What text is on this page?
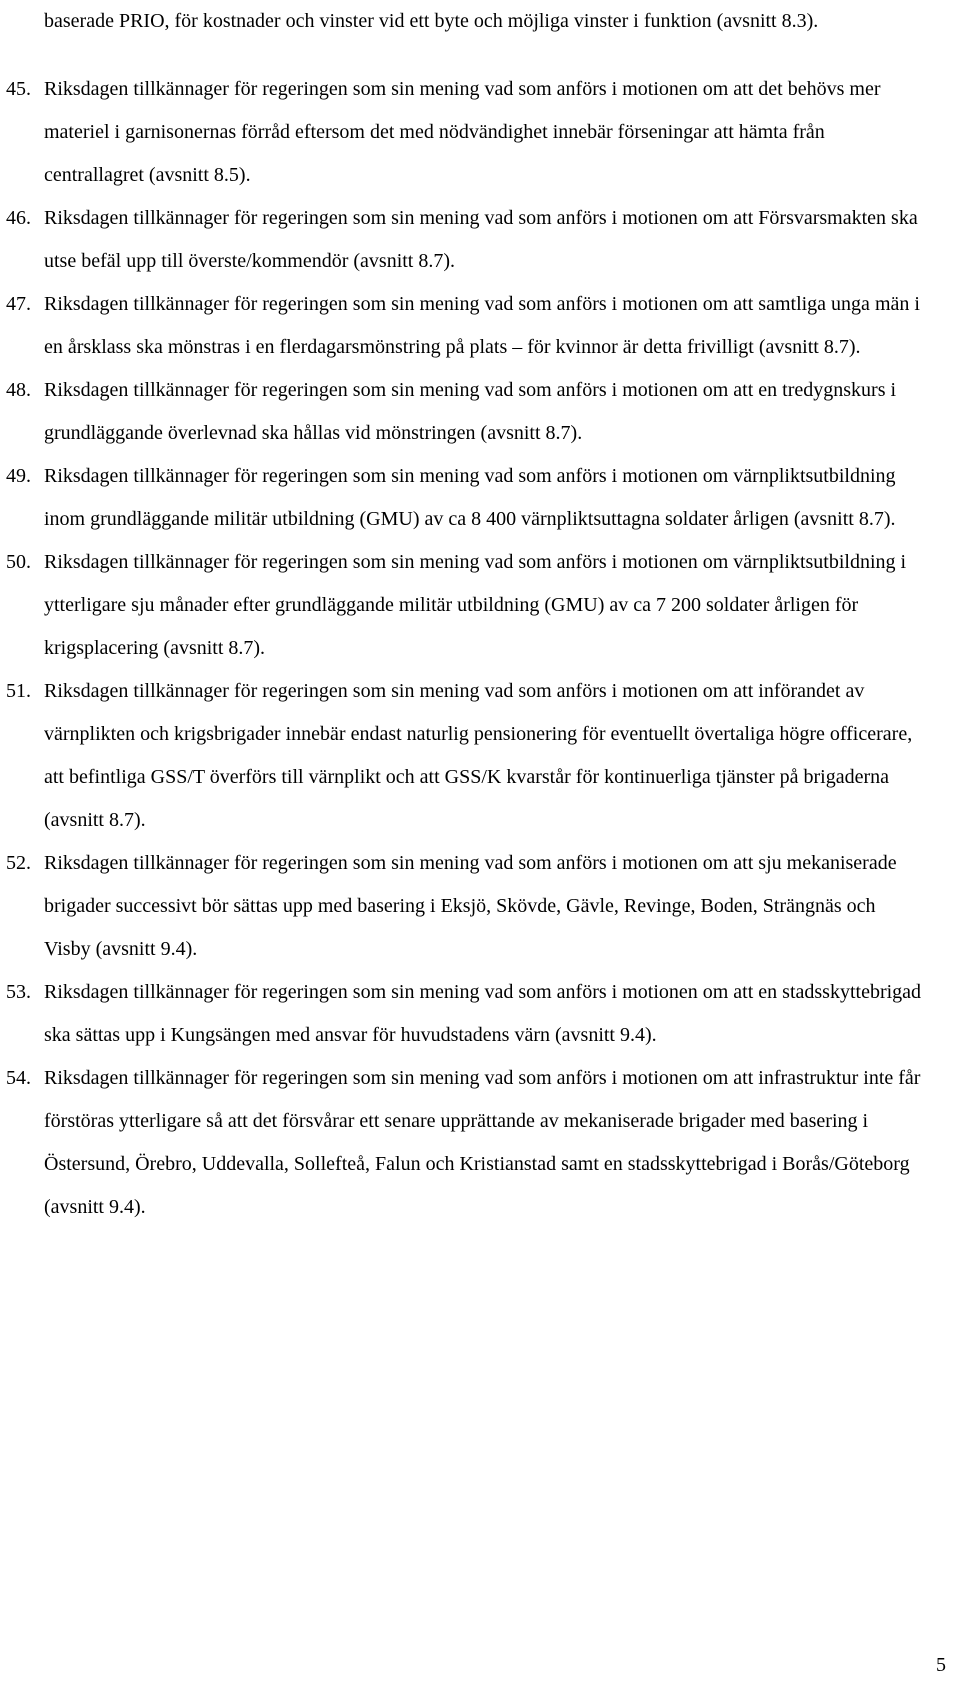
baserade PRIO, för kostnader och vinster vid ett byte och möjliga vinster i funktion (avsnitt 8.3).

45. Riksdagen tillkännager för regeringen som sin mening vad som anförs i motionen om att det behövs mer materiel i garnisonernas förråd eftersom det med nödvändighet innebär förseningar att hämta från centrallagret (avsnitt 8.5).
46. Riksdagen tillkännager för regeringen som sin mening vad som anförs i motionen om att Försvarsmakten ska utse befäl upp till överste/kommendör (avsnitt 8.7).
47. Riksdagen tillkännager för regeringen som sin mening vad som anförs i motionen om att samtliga unga män i en årsklass ska mönstras i en flerdagarsmönstring på plats – för kvinnor är detta frivilligt (avsnitt 8.7).
48. Riksdagen tillkännager för regeringen som sin mening vad som anförs i motionen om att en tredygnskurs i grundläggande överlevnad ska hållas vid mönstringen (avsnitt 8.7).
49. Riksdagen tillkännager för regeringen som sin mening vad som anförs i motionen om värnpliktsutbildning inom grundläggande militär utbildning (GMU) av ca 8 400 värnpliktsuttagna soldater årligen (avsnitt 8.7).
50. Riksdagen tillkännager för regeringen som sin mening vad som anförs i motionen om värnpliktsutbildning i ytterligare sju månader efter grundläggande militär utbildning (GMU) av ca 7 200 soldater årligen för krigsplacering (avsnitt 8.7).
51. Riksdagen tillkännager för regeringen som sin mening vad som anförs i motionen om att införandet av värnplikten och krigsbrigader innebär endast naturlig pensionering för eventuellt övertaliga högre officerare, att befintliga GSS/T överförs till värnplikt och att GSS/K kvarstår för kontinuerliga tjänster på brigaderna (avsnitt 8.7).
52. Riksdagen tillkännager för regeringen som sin mening vad som anförs i motionen om att sju mekaniserade brigader successivt bör sättas upp med basering i Eksjö, Skövde, Gävle, Revinge, Boden, Strängnäs och Visby (avsnitt 9.4).
53. Riksdagen tillkännager för regeringen som sin mening vad som anförs i motionen om att en stadsskyttebrigad ska sättas upp i Kungsängen med ansvar för huvudstadens värn (avsnitt 9.4).
54. Riksdagen tillkännager för regeringen som sin mening vad som anförs i motionen om att infrastruktur inte får förstöras ytterligare så att det försvårar ett senare upprättande av mekaniserade brigader med basering i Östersund, Örebro, Uddevalla, Sollefteå, Falun och Kristianstad samt en stadsskyttebrigad i Borås/Göteborg (avsnitt 9.4).
5
